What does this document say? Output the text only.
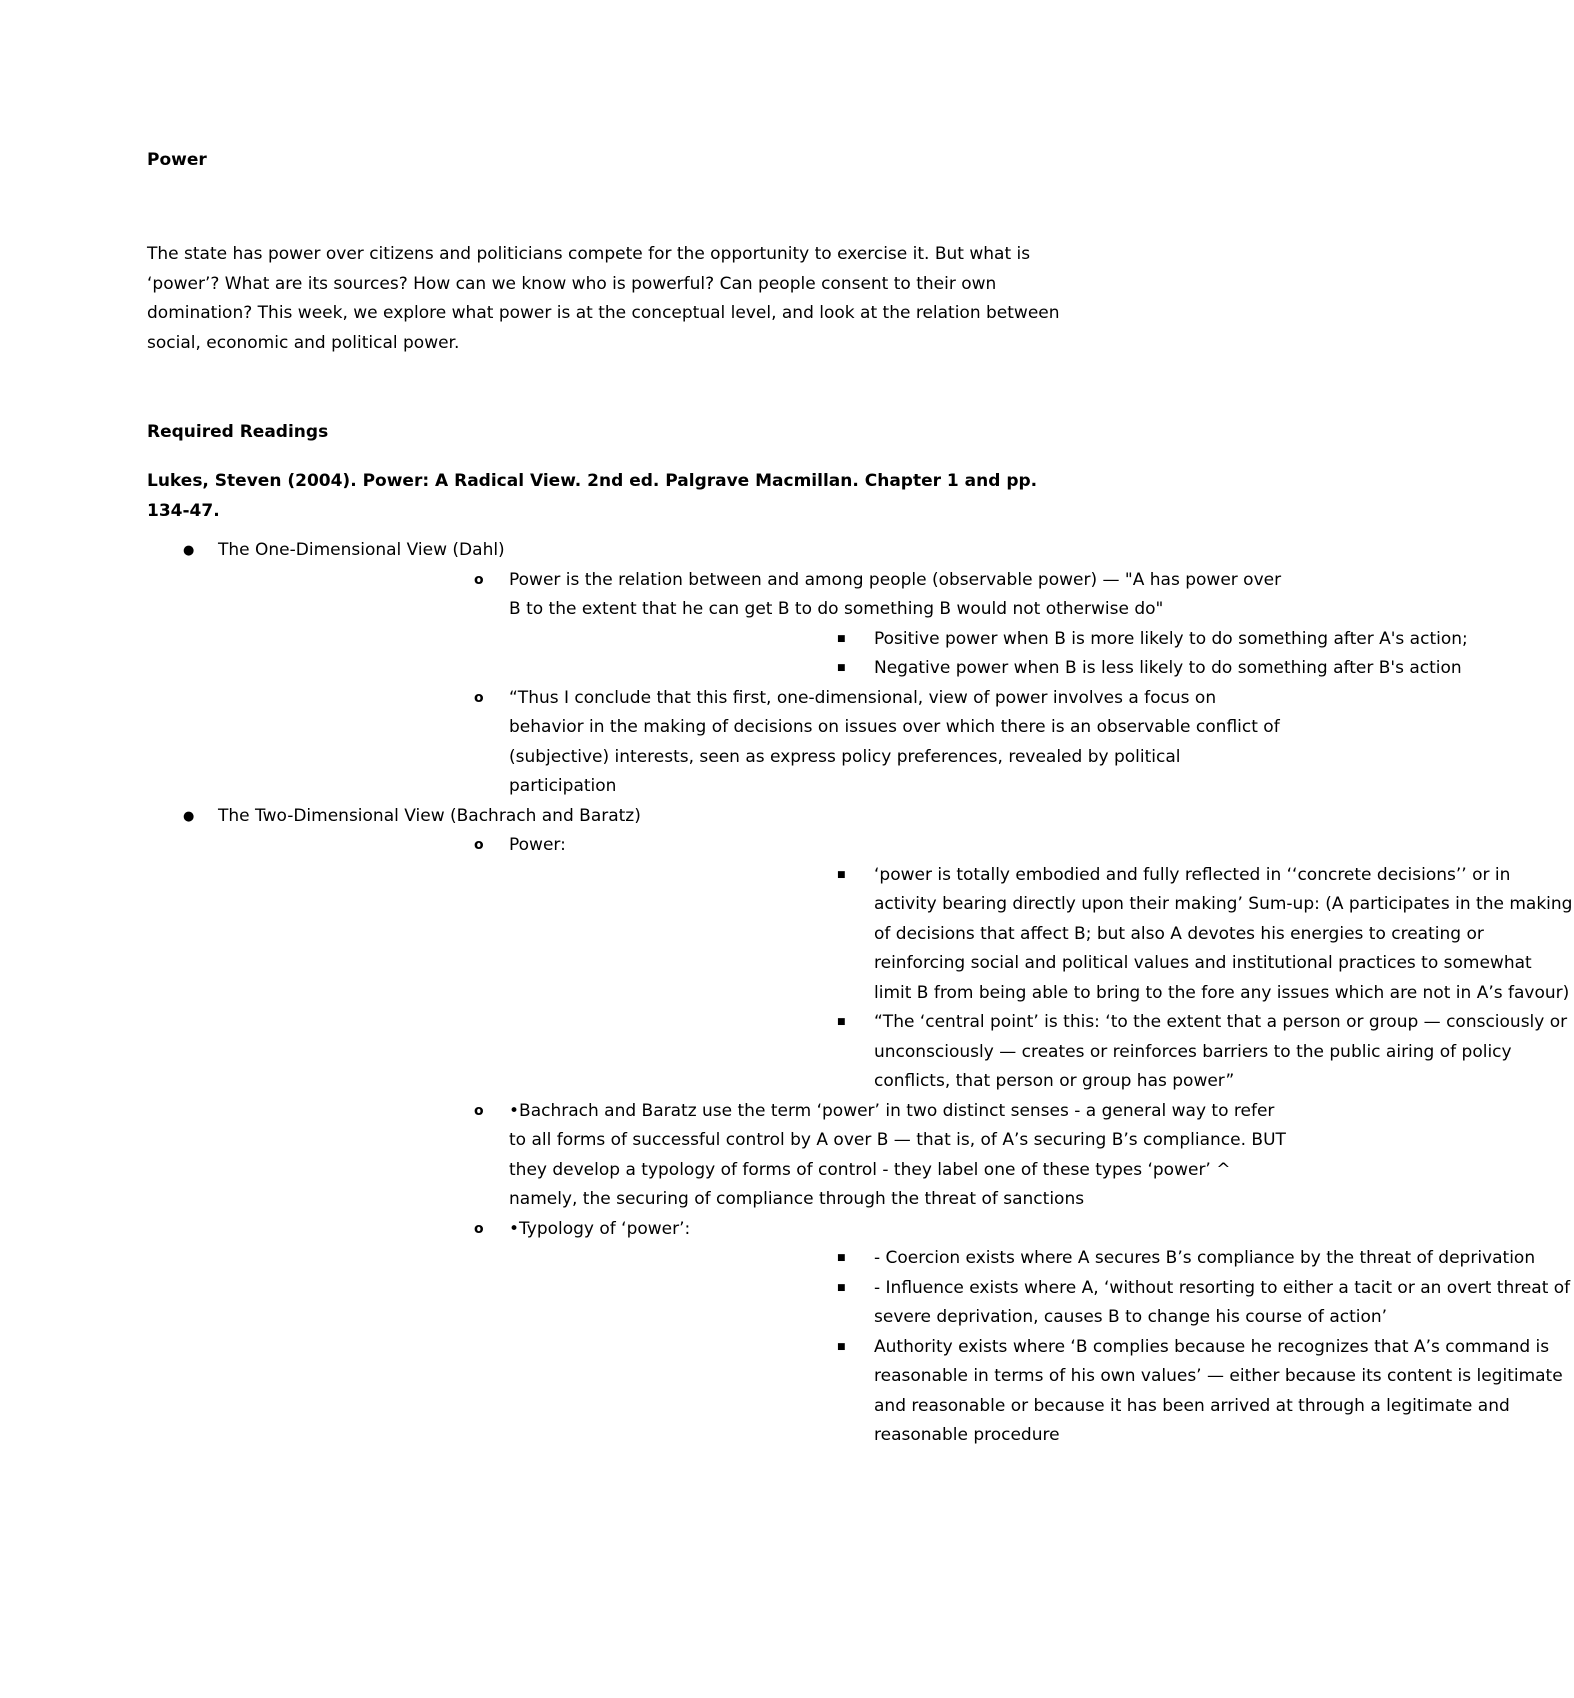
Power

The state has power over citizens and politicians compete for the opportunity to exercise it. But what is ‘power’? What are its sources? How can we know who is powerful? Can people consent to their own domination? This week, we explore what power is at the conceptual level, and look at the relation between social, economic and political power.

Required Readings

Lukes, Steven (2004). Power: A Radical View. 2nd ed. Palgrave Macmillan. Chapter 1 and pp. 134-47.

● The One-Dimensional View (Dahl)
o Power is the relation between and among people (observable power) — "A has power over B to the extent that he can get B to do something B would not otherwise do"
■ Positive power when B is more likely to do something after A's action;
■ Negative power when B is less likely to do something after B's action
o “Thus I conclude that this first, one-dimensional, view of power involves a focus on behavior in the making of decisions on issues over which there is an observable conflict of (subjective) interests, seen as express policy preferences, revealed by political participation
● The Two-Dimensional View (Bachrach and Baratz)
o Power:
■ ‘power is totally embodied and fully reflected in ‘‘concrete decisions’’ or in activity bearing directly upon their making’ Sum-up: (A participates in the making of decisions that affect B; but also A devotes his energies to creating or reinforcing social and political values and institutional practices to somewhat limit B from being able to bring to the fore any issues which are not in A’s favour)
■ “The ‘central point’ is this: ‘to the extent that a person or group — consciously or unconsciously — creates or reinforces barriers to the public airing of policy conflicts, that person or group has power”
o •Bachrach and Baratz use the term ‘power’ in two distinct senses - a general way to refer to all forms of successful control by A over B — that is, of A’s securing B’s compliance. BUT they develop a typology of forms of control - they label one of these types ‘power’ ^ namely, the securing of compliance through the threat of sanctions
o •Typology of ‘power’:
■ - Coercion exists where A secures B’s compliance by the threat of deprivation
■ - Influence exists where A, ‘without resorting to either a tacit or an overt threat of severe deprivation, causes B to change his course of action’
■ Authority exists where ‘B complies because he recognizes that A’s command is reasonable in terms of his own values’ — either because its content is legitimate and reasonable or because it has been arrived at through a legitimate and reasonable procedure
